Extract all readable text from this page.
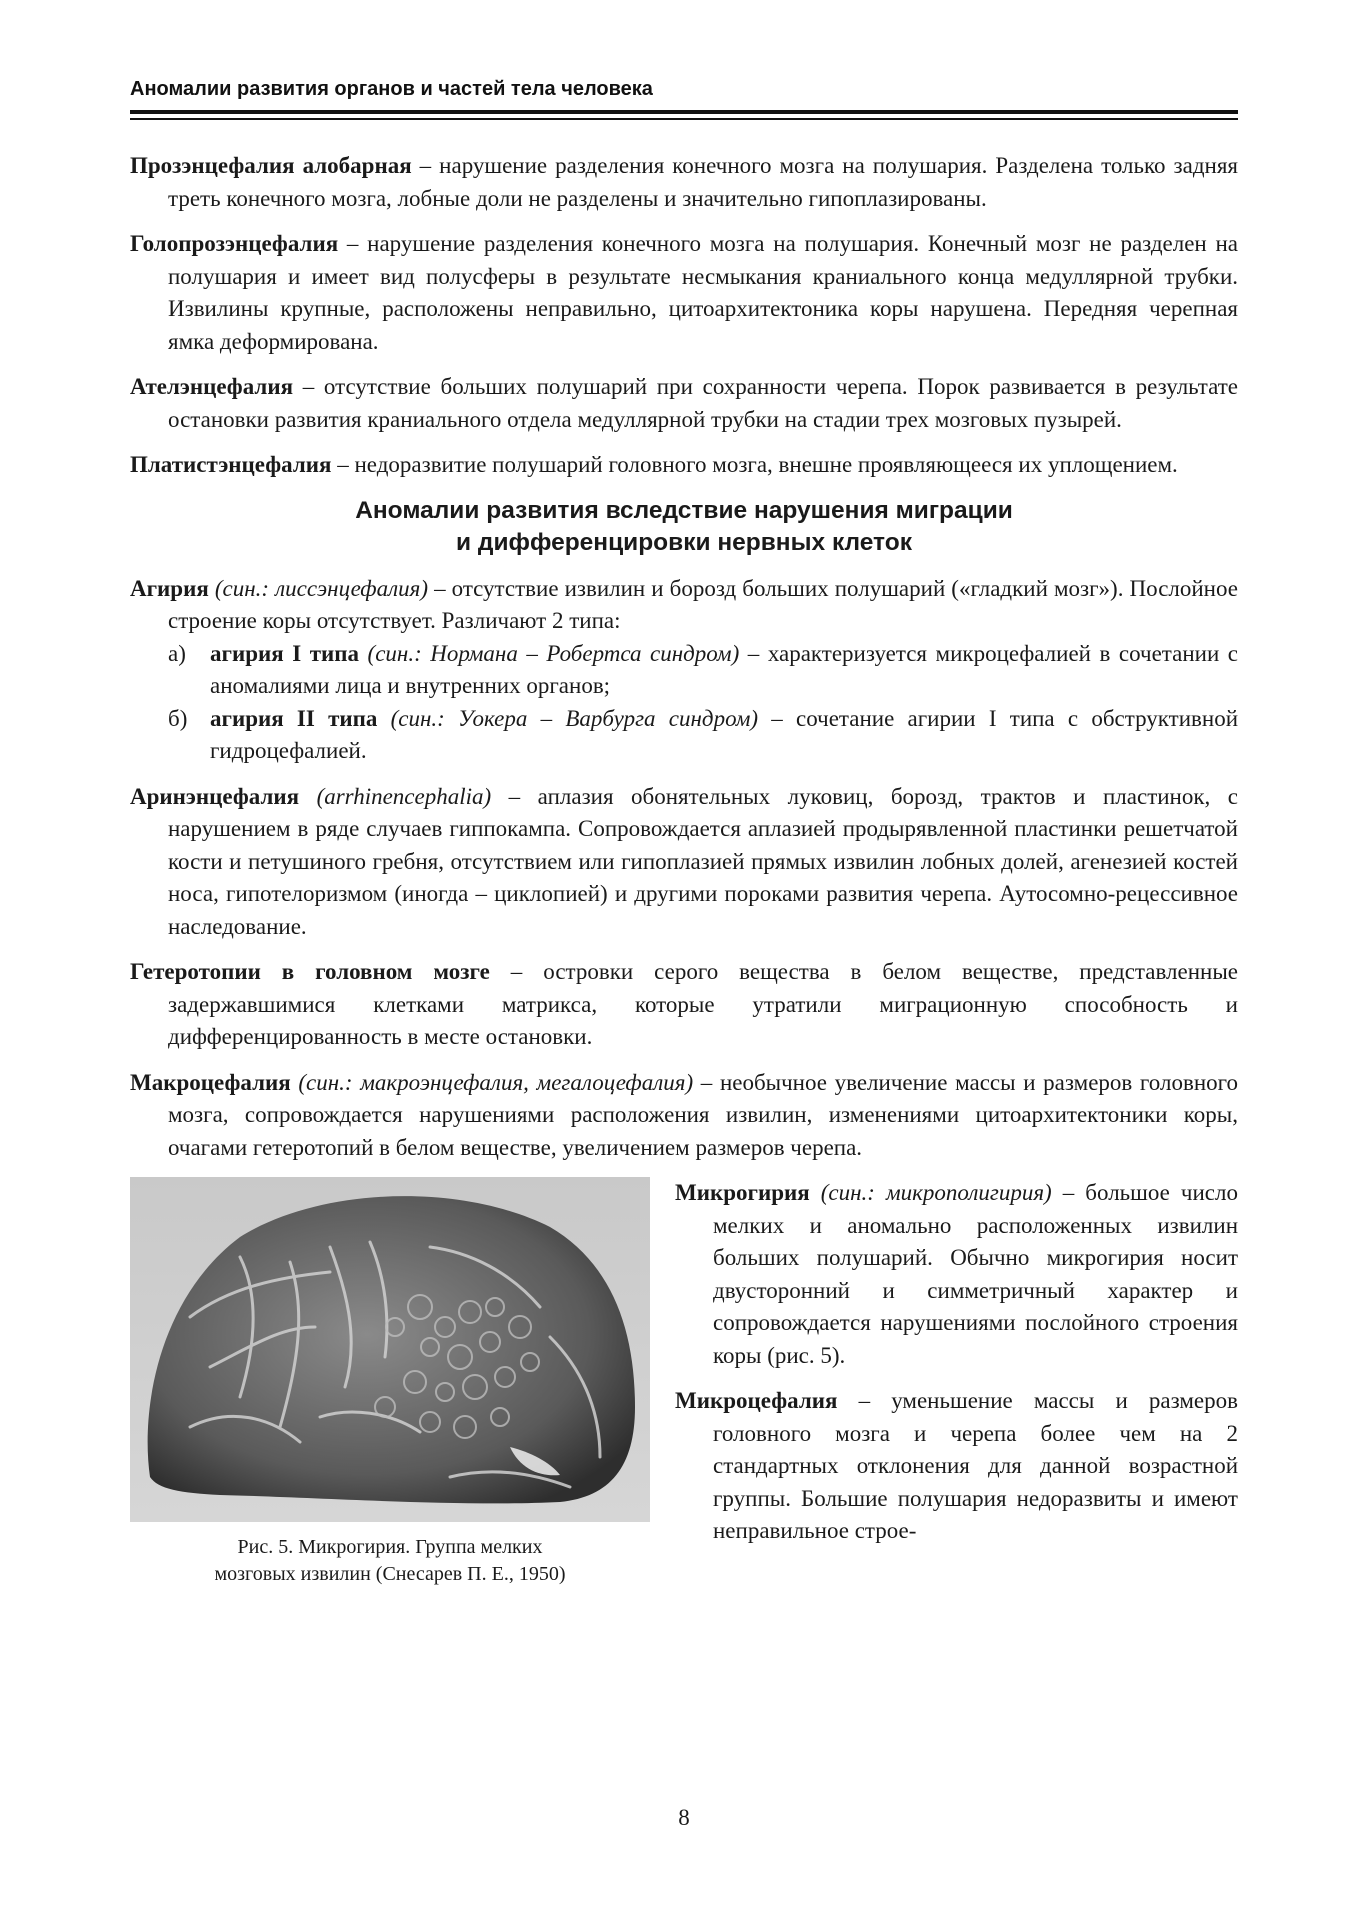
Аномалии развития органов и частей тела человека

Прозэнцефалия алобарная – нарушение разделения конечного мозга на полушария. Разделена только задняя треть конечного мозга, лобные доли не разделены и значительно гипоплазированы.

Голопрозэнцефалия – нарушение разделения конечного мозга на полушария. Конечный мозг не разделен на полушария и имеет вид полусферы в результате несмыкания краниального конца медуллярной трубки. Извилины крупные, расположены неправильно, цитоархитектоника коры нарушена. Передняя черепная ямка деформирована.

Ателэнцефалия – отсутствие больших полушарий при сохранности черепа. Порок развивается в результате остановки развития краниального отдела медуллярной трубки на стадии трех мозговых пузырей.

Платистэнцефалия – недоразвитие полушарий головного мозга, внешне проявляющееся их уплощением.

Аномалии развития вследствие нарушения миграции
и дифференцировки нервных клеток

Агирия (син.: лиссэнцефалия) – отсутствие извилин и борозд больших полушарий («гладкий мозг»). Послойное строение коры отсутствует. Различают 2 типа:

а) агирия I типа (син.: Нормана – Робертса синдром) – характеризуется микроцефалией в сочетании с аномалиями лица и внутренних органов;
б) агирия II типа (син.: Уокера – Варбурга синдром) – сочетание агирии I типа с обструктивной гидроцефалией.

Аринэнцефалия (arrhinencephalia) – аплазия обонятельных луковиц, борозд, трактов и пластинок, с нарушением в ряде случаев гиппокампа. Сопровождается аплазией продырявленной пластинки решетчатой кости и петушиного гребня, отсутствием или гипоплазией прямых извилин лобных долей, агенезией костей носа, гипотелоризмом (иногда – циклопией) и другими пороками развития черепа. Аутосомно-рецессивное наследование.

Гетеротопии в головном мозге – островки серого вещества в белом веществе, представленные задержавшимися клетками матрикса, которые утратили миграционную способность и дифференцированность в месте остановки.

Макроцефалия (син.: макроэнцефалия, мегалоцефалия) – необычное увеличение массы и размеров головного мозга, сопровождается нарушениями расположения извилин, изменениями цитоархитектоники коры, очагами гетеротопий в белом веществе, увеличением размеров черепа.

Рис. 5. Микрогирия. Группа мелких
мозговых извилин (Снесарев П. Е., 1950)

Микрогирия (син.: микрополигирия) – большое число мелких и аномально расположенных извилин больших полушарий. Обычно микрогирия носит двусторонний и симметричный характер и сопровождается нарушениями послойного строения коры (рис. 5).

Микроцефалия – уменьшение массы и размеров головного мозга и черепа более чем на 2 стандартных отклонения для данной возрастной группы. Большие полушария недоразвиты и имеют неправильное строе-

8
